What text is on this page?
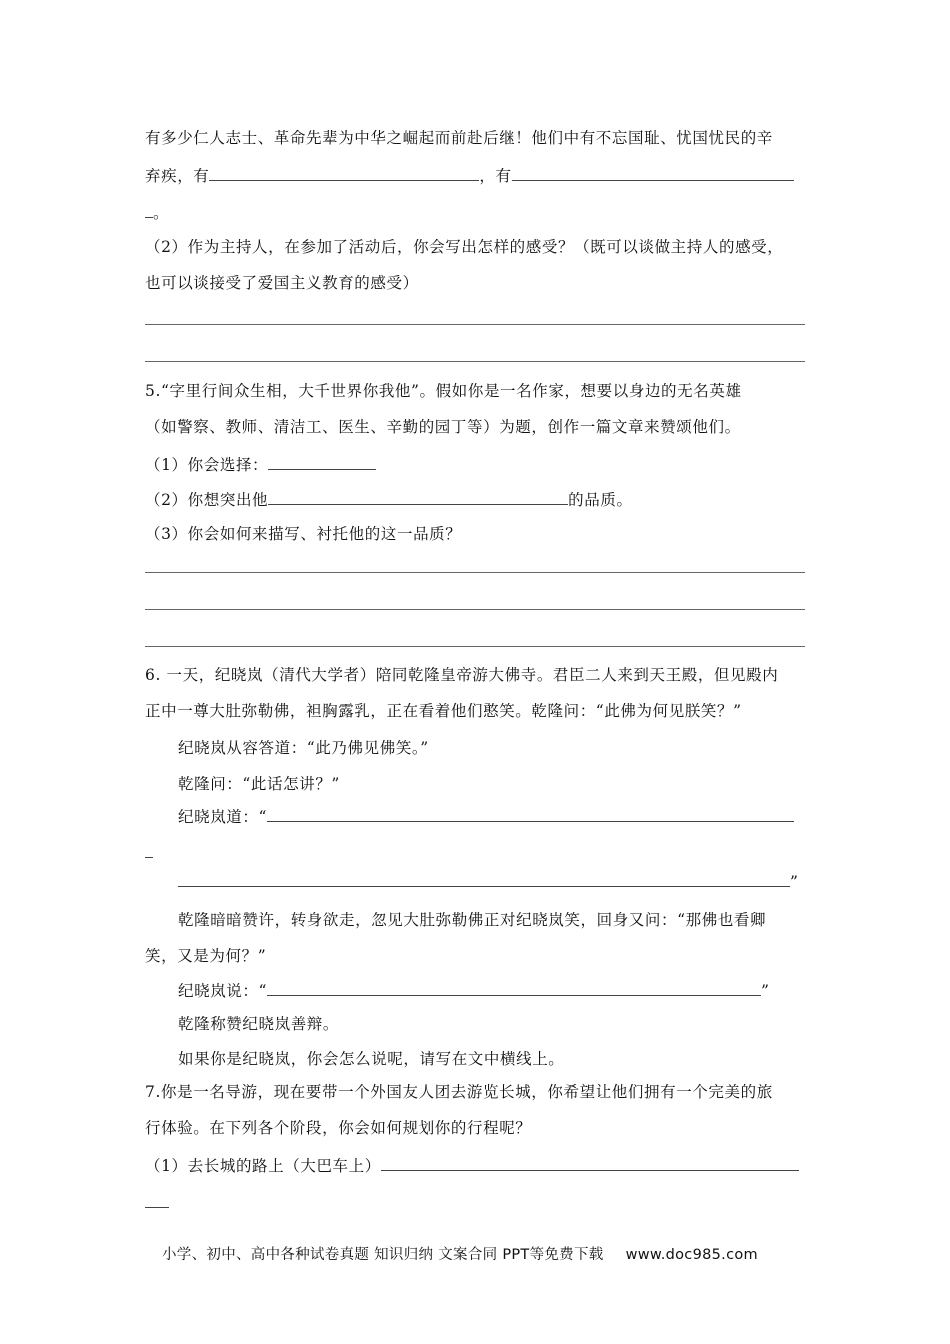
有多少仁人志士、革命先辈为中华之崛起而前赴后继！他们中有不忘国耻、忧国忧民的辛
弃疾，有	，有
。
（2）作为主持人，在参加了活动后，你会写出怎样的感受？（既可以谈做主持人的感受，
也可以谈接受了爱国主义教育的感受）
5.“字里行间众生相，大千世界你我他”。假如你是一名作家，想要以身边的无名英雄
（如警察、教师、清洁工、医生、辛勤的园丁等）为题，创作一篇文章来赞颂他们。
（1）你会选择：
（2）你想突出他	的品质。
（3）你会如何来描写、衬托他的这一品质？
6. 一天，纪晓岚（清代大学者）陪同乾隆皇帝游大佛寺。君臣二人来到天王殿，但见殿内
正中一尊大肚弥勒佛，袒胸露乳，正在看着他们憨笑。乾隆问：“此佛为何见朕笑？”
纪晓岚从容答道：“此乃佛见佛笑。”
乾隆问：“此话怎讲？”
纪晓岚道：“
”
乾隆暗暗赞许，转身欲走，忽见大肚弥勒佛正对纪晓岚笑，回身又问：“那佛也看卿
笑，又是为何？”
纪晓岚说：“	”
乾隆称赞纪晓岚善辩。
如果你是纪晓岚，你会怎么说呢，请写在文中横线上。
7.你是一名导游，现在要带一个外国友人团去游览长城，你希望让他们拥有一个完美的旅
行体验。在下列各个阶段，你会如何规划你的行程呢？
（1）去长城的路上（大巴车上）
小学、初中、高中各种试卷真题 知识归纳 文案合同 PPT等免费下载 www.doc985.com
